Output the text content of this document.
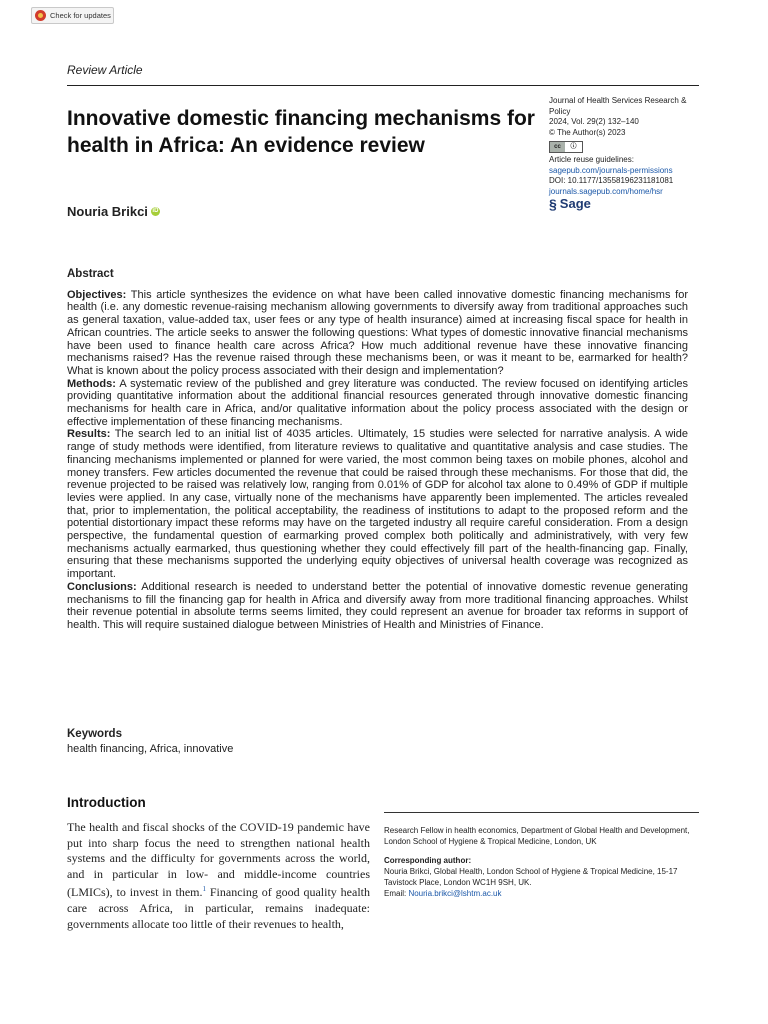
Check for updates
Review Article
Innovative domestic financing mechanisms for health in Africa: An evidence review
Nouria Brikci iD
Journal of Health Services Research & Policy
2024, Vol. 29(2) 132–140
© The Author(s) 2023
cc	ⓘ
Article reuse guidelines:
sagepub.com/journals-permissions
DOI: 10.1177/13558196231181081
journals.sagepub.com/home/hsr
§ Sage
Abstract

Objectives: This article synthesizes the evidence on what have been called innovative domestic financing mechanisms for health (i.e. any domestic revenue-raising mechanism allowing governments to diversify away from traditional approaches such as general taxation, value-added tax, user fees or any type of health insurance) aimed at increasing fiscal space for health in African countries. The article seeks to answer the following questions: What types of domestic innovative financial mechanisms have been used to finance health care across Africa? How much additional revenue have these innovative financing mechanisms raised? Has the revenue raised through these mechanisms been, or was it meant to be, earmarked for health? What is known about the policy process associated with their design and implementation?

Methods: A systematic review of the published and grey literature was conducted. The review focused on identifying articles providing quantitative information about the additional financial resources generated through innovative domestic financing mechanisms for health care in Africa, and/or qualitative information about the policy process associated with the design or effective implementation of these financing mechanisms.

Results: The search led to an initial list of 4035 articles. Ultimately, 15 studies were selected for narrative analysis. A wide range of study methods were identified, from literature reviews to qualitative and quantitative analysis and case studies. The financing mechanisms implemented or planned for were varied, the most common being taxes on mobile phones, alcohol and money transfers. Few articles documented the revenue that could be raised through these mechanisms. For those that did, the revenue projected to be raised was relatively low, ranging from 0.01% of GDP for alcohol tax alone to 0.49% of GDP if multiple levies were applied. In any case, virtually none of the mechanisms have apparently been implemented. The articles revealed that, prior to implementation, the political acceptability, the readiness of institutions to adapt to the proposed reform and the potential distortionary impact these reforms may have on the targeted industry all require careful consideration. From a design perspective, the fundamental question of earmarking proved complex both politically and administratively, with very few mechanisms actually earmarked, thus questioning whether they could effectively fill part of the health-financing gap. Finally, ensuring that these mechanisms supported the underlying equity objectives of universal health coverage was recognized as important.

Conclusions: Additional research is needed to understand better the potential of innovative domestic revenue generating mechanisms to fill the financing gap for health in Africa and diversify away from more traditional financing approaches. Whilst their revenue potential in absolute terms seems limited, they could represent an avenue for broader tax reforms in support of health. This will require sustained dialogue between Ministries of Health and Ministries of Finance.

Keywords
health financing, Africa, innovative
Introduction

The health and fiscal shocks of the COVID-19 pandemic have put into sharp focus the need to strengthen national health systems and the difficulty for governments across the world, and in particular in low- and middle-income countries (LMICs), to invest in them.$^1$ Financing of good quality health care across Africa, in particular, remains inadequate: governments allocate too little of their revenues to health,

Research Fellow in health economics, Department of Global Health and Development, London School of Hygiene & Tropical Medicine, London, UK

Corresponding author:

Nouria Brikci, Global Health, London School of Hygiene & Tropical Medicine, 15-17 Tavistock Place, London WC1H 9SH, UK.

Email: Nouria.brikci@lshtm.ac.uk
